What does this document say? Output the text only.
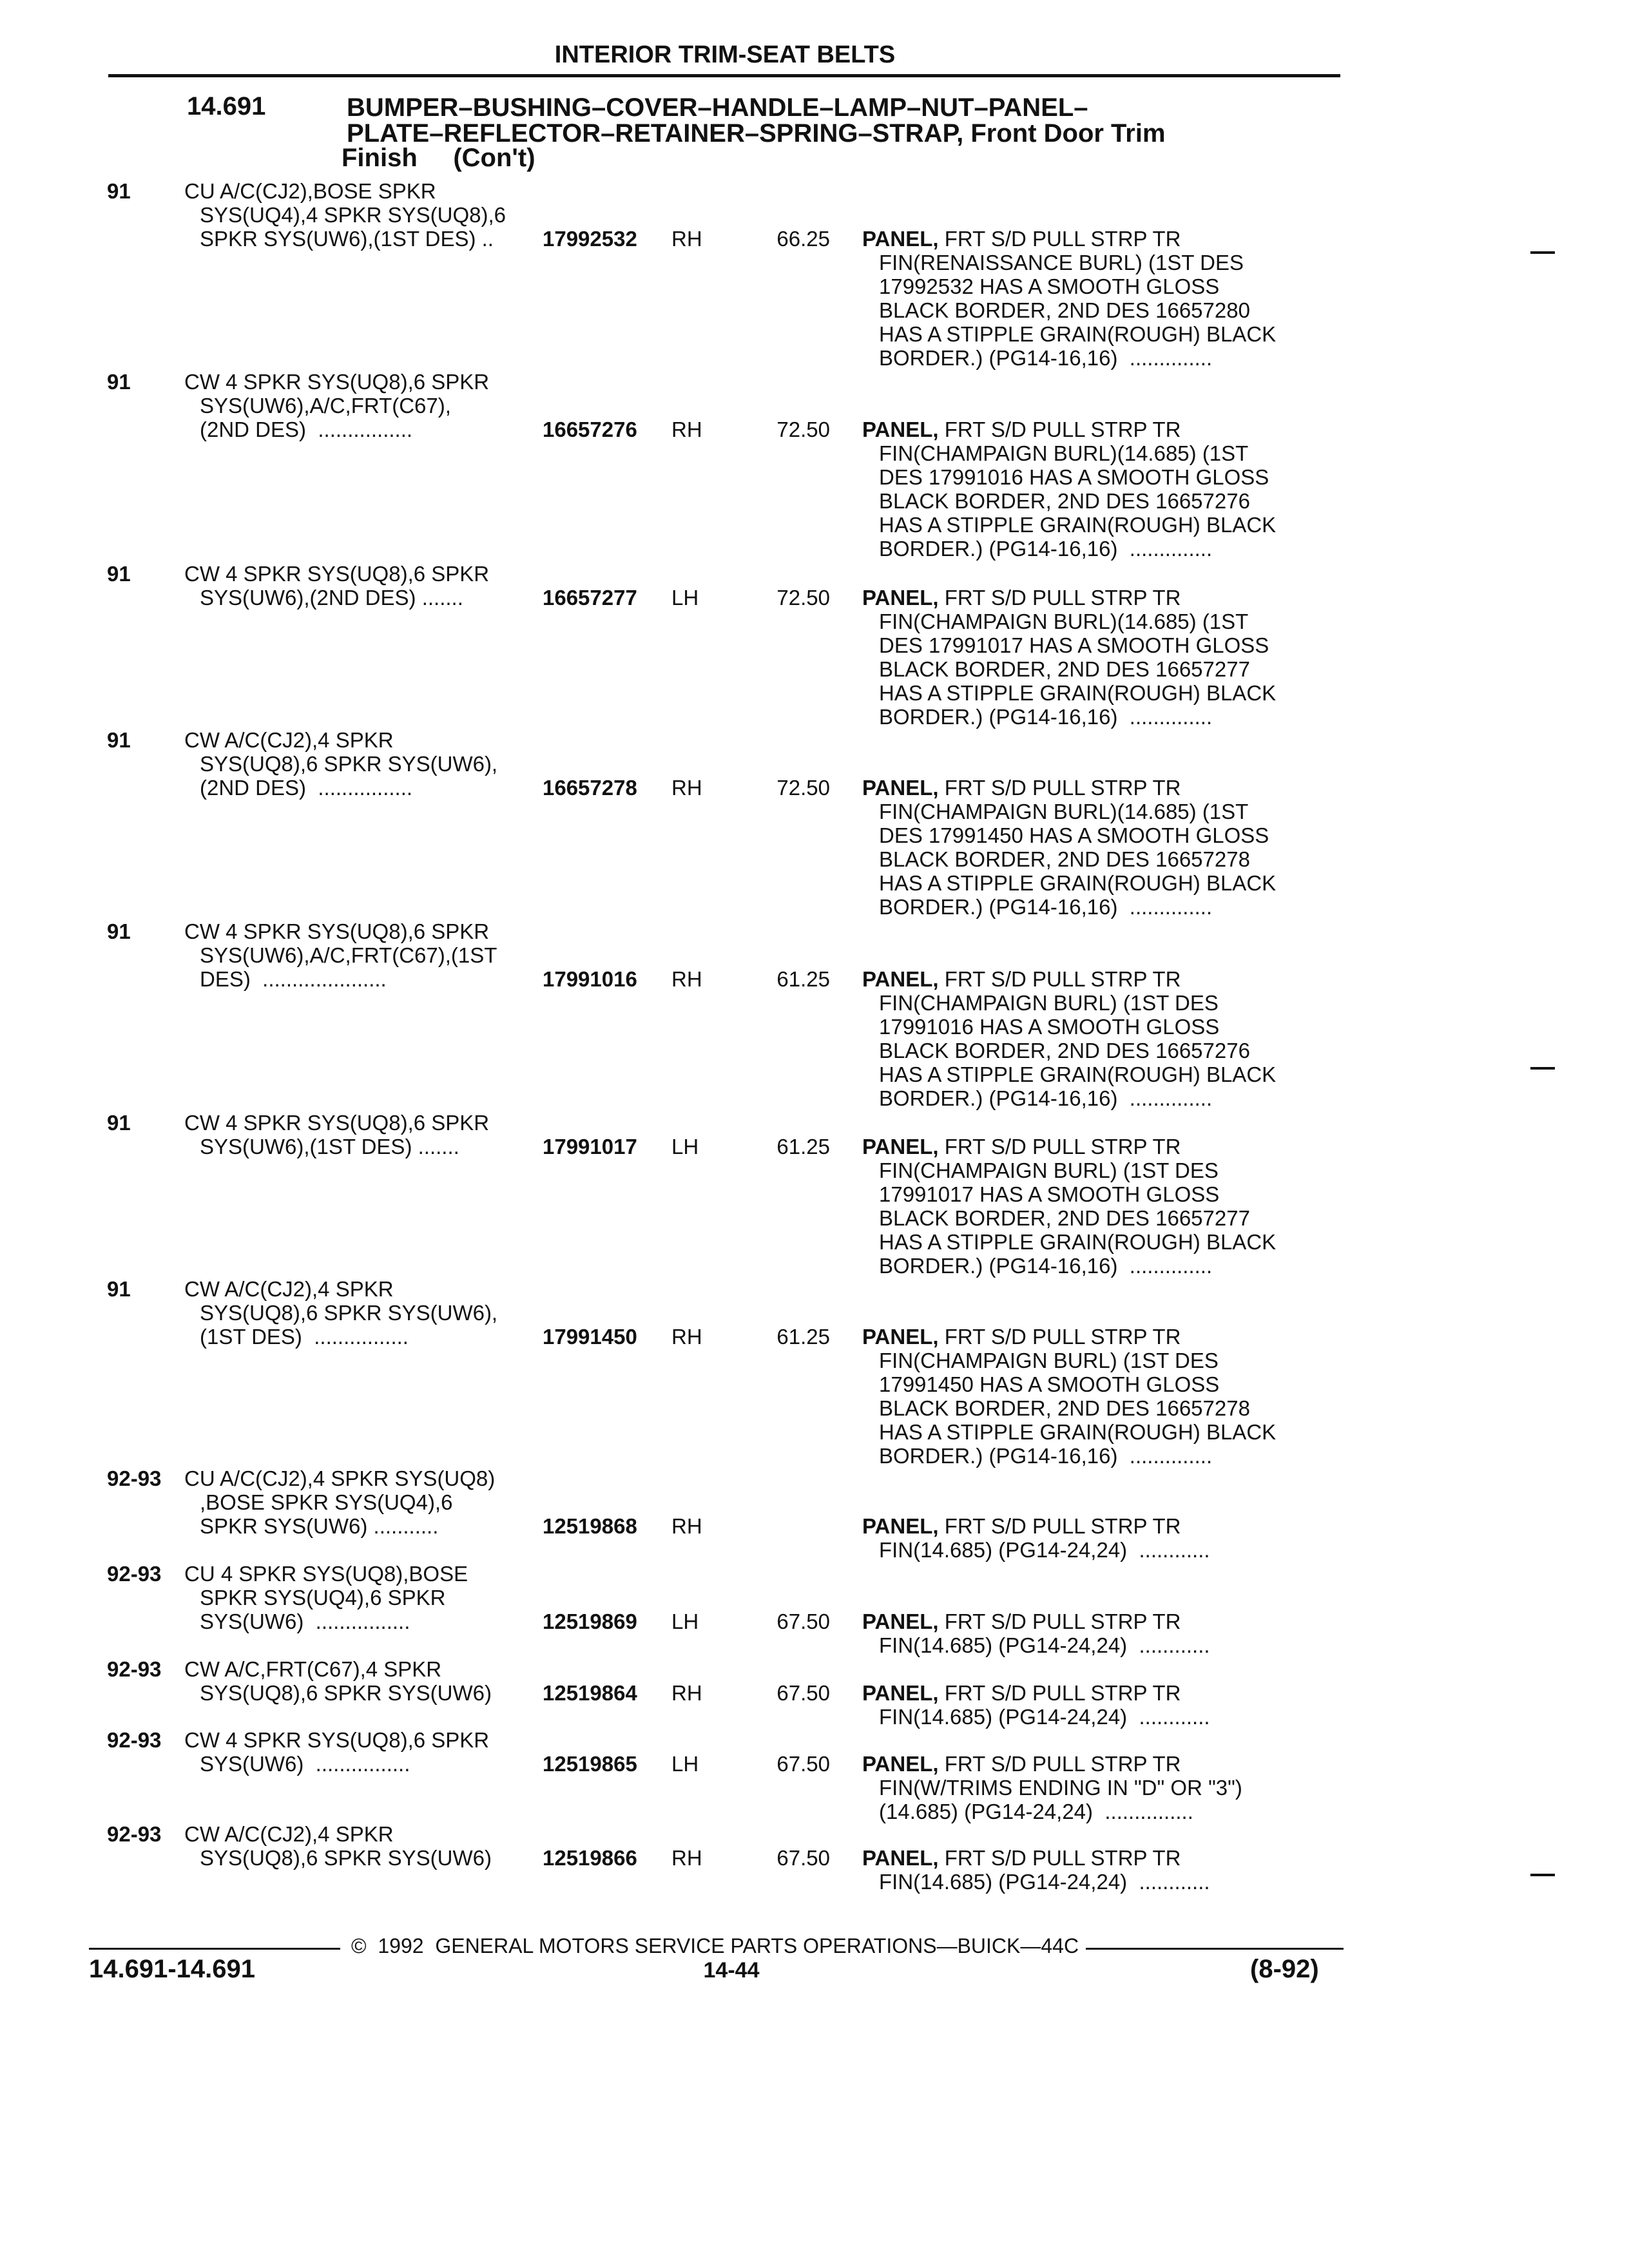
INTERIOR TRIM-SEAT BELTS
14.691	BUMPER–BUSHING–COVER–HANDLE–LAMP–NUT–PANEL–
PLATE–REFLECTOR–RETAINER–SPRING–STRAP, Front Door Trim
Finish     (Con't)
91	CU A/C(CJ2),BOSE SPKR
SYS(UQ4),4 SPKR SYS(UQ8),6
SPKR SYS(UW6),(1ST DES) ..	17992532 RH	66.25 PANEL, FRT S/D PULL STRP TR
FIN(RENAISSANCE BURL) (1ST DES
17992532 HAS A SMOOTH GLOSS
BLACK BORDER, 2ND DES 16657280
HAS A STIPPLE GRAIN(ROUGH) BLACK
BORDER.) (PG14-16,16)  ..............
91	CW 4 SPKR SYS(UQ8),6 SPKR
SYS(UW6),A/C,FRT(C67),
(2ND DES)  ................	16657276 RH	72.50 PANEL, FRT S/D PULL STRP TR
FIN(CHAMPAIGN BURL)(14.685) (1ST
DES 17991016 HAS A SMOOTH GLOSS
BLACK BORDER, 2ND DES 16657276
HAS A STIPPLE GRAIN(ROUGH) BLACK
BORDER.) (PG14-16,16)  ..............
91	CW 4 SPKR SYS(UQ8),6 SPKR
SYS(UW6),(2ND DES) .......	16657277 LH	72.50 PANEL, FRT S/D PULL STRP TR
FIN(CHAMPAIGN BURL)(14.685) (1ST
DES 17991017 HAS A SMOOTH GLOSS
BLACK BORDER, 2ND DES 16657277
HAS A STIPPLE GRAIN(ROUGH) BLACK
BORDER.) (PG14-16,16)  ..............
91	CW A/C(CJ2),4 SPKR
SYS(UQ8),6 SPKR SYS(UW6),
(2ND DES)  ................	16657278 RH	72.50 PANEL, FRT S/D PULL STRP TR
FIN(CHAMPAIGN BURL)(14.685) (1ST
DES 17991450 HAS A SMOOTH GLOSS
BLACK BORDER, 2ND DES 16657278
HAS A STIPPLE GRAIN(ROUGH) BLACK
BORDER.) (PG14-16,16)  ..............
91	CW 4 SPKR SYS(UQ8),6 SPKR
SYS(UW6),A/C,FRT(C67),(1ST
DES)  .....................	17991016 RH	61.25 PANEL, FRT S/D PULL STRP TR
FIN(CHAMPAIGN BURL) (1ST DES
17991016 HAS A SMOOTH GLOSS
BLACK BORDER, 2ND DES 16657276
HAS A STIPPLE GRAIN(ROUGH) BLACK
BORDER.) (PG14-16,16)  ..............
91	CW 4 SPKR SYS(UQ8),6 SPKR
SYS(UW6),(1ST DES) .......	17991017 LH	61.25 PANEL, FRT S/D PULL STRP TR
FIN(CHAMPAIGN BURL) (1ST DES
17991017 HAS A SMOOTH GLOSS
BLACK BORDER, 2ND DES 16657277
HAS A STIPPLE GRAIN(ROUGH) BLACK
BORDER.) (PG14-16,16)  ..............
91	CW A/C(CJ2),4 SPKR
SYS(UQ8),6 SPKR SYS(UW6),
(1ST DES)  ................	17991450 RH	61.25 PANEL, FRT S/D PULL STRP TR
FIN(CHAMPAIGN BURL) (1ST DES
17991450 HAS A SMOOTH GLOSS
BLACK BORDER, 2ND DES 16657278
HAS A STIPPLE GRAIN(ROUGH) BLACK
BORDER.) (PG14-16,16)  ..............
92-93 CU A/C(CJ2),4 SPKR SYS(UQ8)
,BOSE SPKR SYS(UQ4),6
SPKR SYS(UW6) ...........	12519868 RH	PANEL, FRT S/D PULL STRP TR
FIN(14.685) (PG14-24,24)  ............
92-93 CU 4 SPKR SYS(UQ8),BOSE
SPKR SYS(UQ4),6 SPKR
SYS(UW6)  ................	12519869 LH	67.50 PANEL, FRT S/D PULL STRP TR
FIN(14.685) (PG14-24,24)  ............
92-93 CW A/C,FRT(C67),4 SPKR
SYS(UQ8),6 SPKR SYS(UW6) 12519864 RH	67.50 PANEL, FRT S/D PULL STRP TR
FIN(14.685) (PG14-24,24)  ............
92-93 CW 4 SPKR SYS(UQ8),6 SPKR
SYS(UW6)  ................	12519865 LH	67.50 PANEL, FRT S/D PULL STRP TR
FIN(W/TRIMS ENDING IN "D" OR "3")
(14.685) (PG14-24,24)  ...............
92-93 CW A/C(CJ2),4 SPKR
SYS(UQ8),6 SPKR SYS(UW6) 12519866 RH	67.50 PANEL, FRT S/D PULL STRP TR
FIN(14.685) (PG14-24,24)  ............
©  1992  GENERAL MOTORS SERVICE PARTS OPERATIONS—BUICK—44C
14.691-14.691	14-44	(8-92)
